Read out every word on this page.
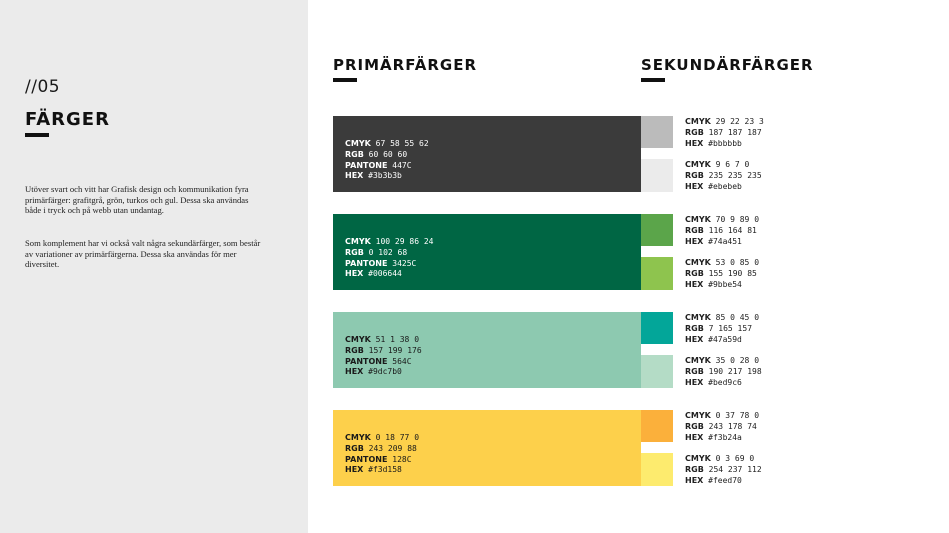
//05
FÄRGER

Utöver svart och vitt har Grafisk design och kommunikation fyra primärfärger: grafitgrå, grön, turkos och gul. Dessa ska användas både i tryck och på webb utan undantag.

Som komplement har vi också valt några sekundärfärger, som består av variationer av primärfärgerna. Dessa ska användas för mer diversitet.

PRIMÄRFÄRGER	SEKUNDÄRFÄRGER
CMYK 67 58 55 62
RGB 60 60 60
PANTONE 447C
HEX #3b3b3b
CMYK 100 29 86 24
RGB 0 102 68
PANTONE 3425C
HEX #006644
CMYK 51 1 38 0
RGB 157 199 176
PANTONE 564C
HEX #9dc7b0
CMYK 0 18 77 0
RGB 243 209 88
PANTONE 128C
HEX #f3d158
CMYK 29 22 23 3
RGB 187 187 187
HEX #bbbbbb
CMYK 9 6 7 0
RGB 235 235 235
HEX #ebebeb
CMYK 70 9 89 0
RGB 116 164 81
HEX #74a451
CMYK 53 0 85 0
RGB 155 190 85
HEX #9bbe54
CMYK 85 0 45 0
RGB 7 165 157
HEX #47a59d
CMYK 35 0 28 0
RGB 190 217 198
HEX #bed9c6
CMYK 0 37 78 0
RGB 243 178 74
HEX #f3b24a
CMYK 0 3 69 0
RGB 254 237 112
HEX #feed70
